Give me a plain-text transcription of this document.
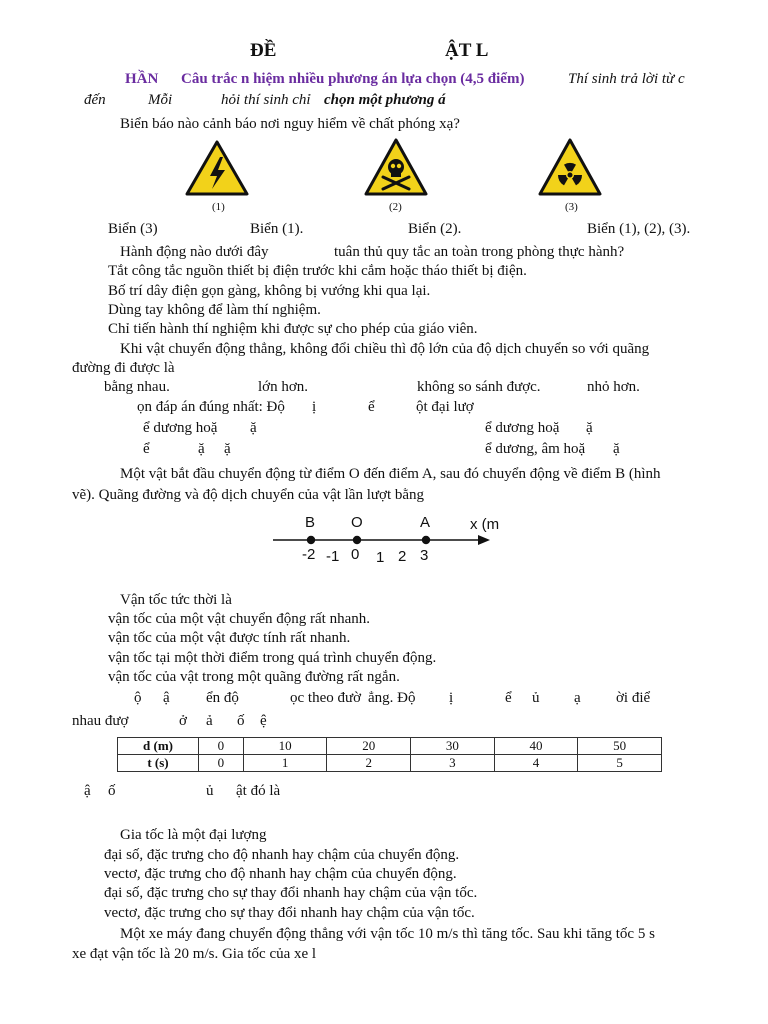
ĐỀ	ẬT L
HẦN Câu trắc n hiệm nhiều phương án lựa chọn (4,5 điểm)	Thí sinh trả lời từ c
đến	Mỗi	hỏi thí sinh chỉ chọn một phương á
Biển báo nào cảnh báo nơi nguy hiểm về chất phóng xạ?
(1)	(2)	(3)
Biển (3)	Biển (1).	Biển (2).	Biển (1), (2), (3).
Hành động nào dưới đây	tuân thủ quy tắc an toàn trong phòng thực hành?
Tắt công tắc nguồn thiết bị điện trước khi cắm hoặc tháo thiết bị điện.
Bố trí dây điện gọn gàng, không bị vướng khi qua lại.
Dùng tay không để làm thí nghiệm.
Chỉ tiến hành thí nghiệm khi được sự cho phép của giáo viên.
Khi vật chuyển động thẳng, không đổi chiều thì độ lớn của độ dịch chuyển so với quãng
đường đi được là
bằng nhau.	lớn hơn.	không so sánh được.	nhỏ hơn.
ọn đáp án đúng nhất: Độ ị	ể	ột đại lượ
ể dương hoặ ặ	ể dương hoặ ặ
ể	ặ ặ	ể dương, âm hoặ ặ
Một vật bắt đầu chuyển động từ điểm O đến điểm A, sau đó chuyển động về điểm B (hình
vẽ). Quãng đường và độ dịch chuyển của vật lần lượt bằng
B O	A	x (m
-2 -1 0 1 2 3
Vận tốc tức thời là
vận tốc của một vật chuyển động rất nhanh.
vận tốc của một vật được tính rất nhanh.
vận tốc tại một thời điểm trong quá trình chuyển động.
vận tốc của vật trong một quãng đường rất ngắn.
ộ ậ ển độ	ọc theo đườ ẳng. Độ ị	ể ủ ạ ời điể
nhau đượ	ở ả ố ệ
d (m)	0	10	20	30	40	50
t (s)	0	1	2	3	4	5
ậ ố	ủ ật đó là
Gia tốc là một đại lượng
đại số, đặc trưng cho độ nhanh hay chậm của chuyển động.
vectơ, đặc trưng cho độ nhanh hay chậm của chuyển động.
đại số, đặc trưng cho sự thay đổi nhanh hay chậm của vận tốc.
vectơ, đặc trưng cho sự thay đổi nhanh hay chậm của vận tốc.
Một xe máy đang chuyển động thẳng với vận tốc 10 m/s thì tăng tốc. Sau khi tăng tốc 5 s
xe đạt vận tốc là 20 m/s. Gia tốc của xe l
